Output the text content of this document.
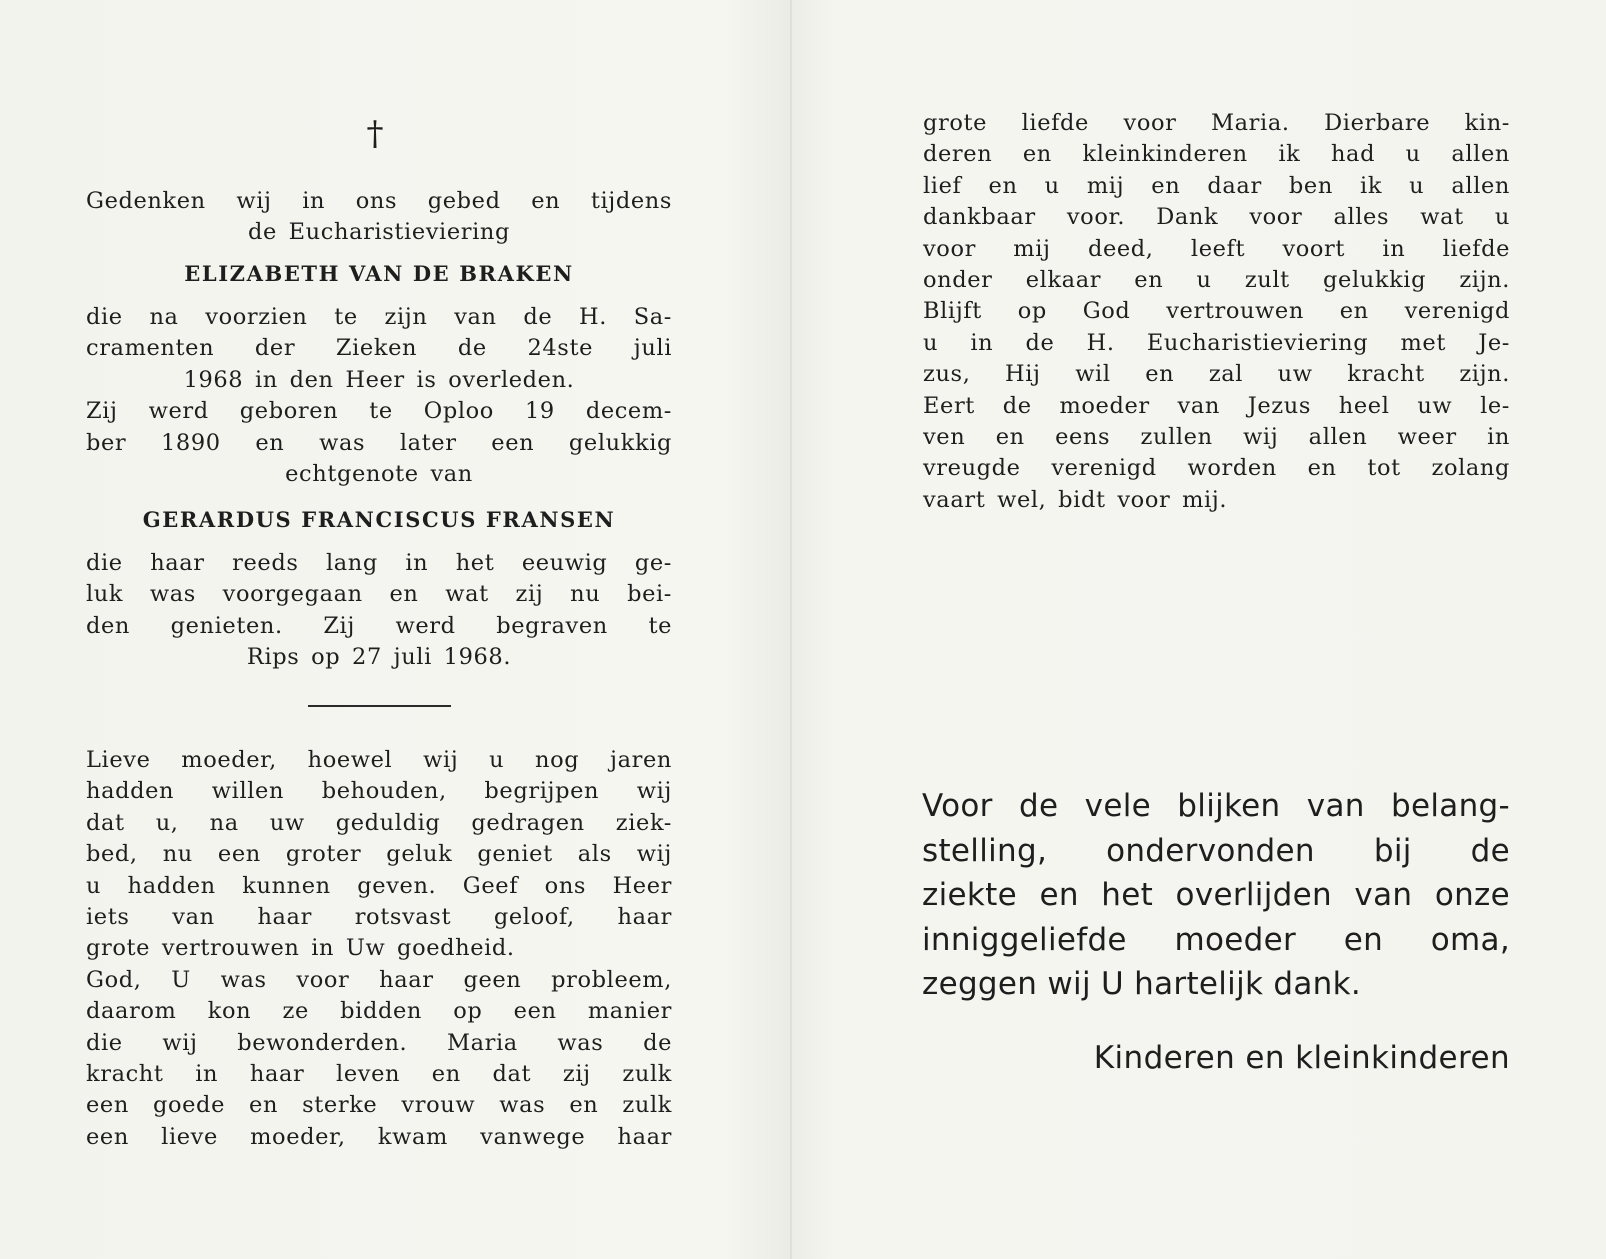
†
Gedenken wij in ons gebed en tijdens
de Eucharistieviering
ELIZABETH VAN DE BRAKEN
die na voorzien te zijn van de H. Sa-
cramenten der Zieken de 24ste juli
1968 in den Heer is overleden.
Zij werd geboren te Oploo 19 decem-
ber 1890 en was later een gelukkig
echtgenote van
GERARDUS FRANCISCUS FRANSEN
die haar reeds lang in het eeuwig ge-
luk was voorgegaan en wat zij nu bei-
den genieten. Zij werd begraven te
Rips op 27 juli 1968.
Lieve moeder, hoewel wij u nog jaren
hadden willen behouden, begrijpen wij
dat u, na uw geduldig gedragen ziek-
bed, nu een groter geluk geniet als wij
u hadden kunnen geven. Geef ons Heer
iets van haar rotsvast geloof, haar
grote vertrouwen in Uw goedheid.
God, U was voor haar geen probleem,
daarom kon ze bidden op een manier
die wij bewonderden. Maria was de
kracht in haar leven en dat zij zulk
een goede en sterke vrouw was en zulk
een lieve moeder, kwam vanwege haar
grote liefde voor Maria. Dierbare kin-
deren en kleinkinderen ik had u allen
lief en u mij en daar ben ik u allen
dankbaar voor. Dank voor alles wat u
voor mij deed, leeft voort in liefde
onder elkaar en u zult gelukkig zijn.
Blijft op God vertrouwen en verenigd
u in de H. Eucharistieviering met Je-
zus, Hij wil en zal uw kracht zijn.
Eert de moeder van Jezus heel uw le-
ven en eens zullen wij allen weer in
vreugde verenigd worden en tot zolang
vaart wel, bidt voor mij.
Voor de vele blijken van belang-
stelling, ondervonden bij de
ziekte en het overlijden van onze
inniggeliefde moeder en oma,
zeggen wij U hartelijk dank.
Kinderen en kleinkinderen
